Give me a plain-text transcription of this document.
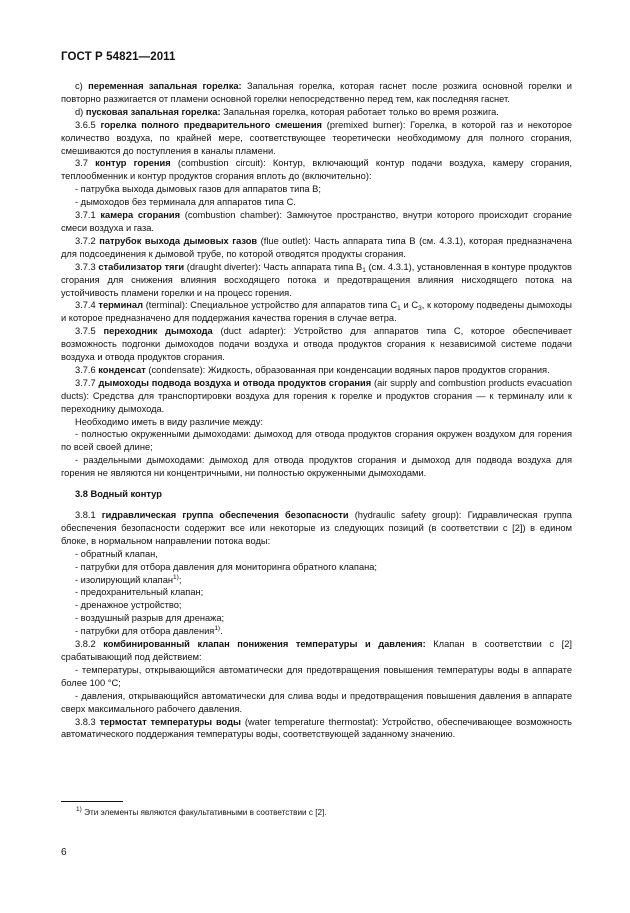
ГОСТ Р 54821—2011

c) переменная запальная горелка: Запальная горелка, которая гаснет после розжига основной горелки и повторно разжигается от пламени основной горелки непосредственно перед тем, как последняя гаснет.

d) пусковая запальная горелка: Запальная горелка, которая работает только во время розжига.

3.6.5 горелка полного предварительного смешения (premixed burner): Горелка, в которой газ и некоторое количество воздуха, по крайней мере, соответствующее теоретически необходимому для полного сгорания, смешиваются до поступления в каналы пламени.

3.7 контур горения (combustion circuit): Контур, включающий контур подачи воздуха, камеру сгорания, теплообменник и контур продуктов сгорания вплоть до (включительно):

- патрубка выхода дымовых газов для аппаратов типа В;

- дымоходов без терминала для аппаратов типа С.

3.7.1 камера сгорания (combustion chamber): Замкнутое пространство, внутри которого происходит сгорание смеси воздуха и газа.

3.7.2 патрубок выхода дымовых газов (flue outlet): Часть аппарата типа В (см. 4.3.1), которая предназначена для подсоединения к дымовой трубе, по которой отводятся продукты сгорания.

3.7.3 стабилизатор тяги (draught diverter): Часть аппарата типа $В_1$ (см. 4.3.1), установленная в контуре продуктов сгорания для снижения влияния восходящего потока и предотвращения влияния нисходящего потока на устойчивость пламени горелки и на процесс горения.

3.7.4 терминал (terminal): Специальное устройство для аппаратов типа $С_1$ и $С_3$, к которому подведены дымоходы и которое предназначено для поддержания качества горения в случае ветра.

3.7.5 переходник дымохода (duct adapter): Устройство для аппаратов типа С, которое обеспечивает возможность подгонки дымоходов подачи воздуха и отвода продуктов сгорания к независимой системе подачи воздуха и отвода продуктов сгорания.

3.7.6 конденсат (condensate): Жидкость, образованная при конденсации водяных паров продуктов сгорания.

3.7.7 дымоходы подвода воздуха и отвода продуктов сгорания (air supply and combustion products evacuation ducts): Средства для транспортировки воздуха для горения к горелке и продуктов сгорания — к терминалу или к переходнику дымохода.

Необходимо иметь в виду различие между:

- полностью окруженными дымоходами: дымоход для отвода продуктов сгорания окружен воздухом для горения по всей своей длине;

- раздельными дымоходами: дымоход для отвода продуктов сгорания и дымоход для подвода воздуха для горения не являются ни концентричными, ни полностью окруженными дымоходами.

3.8 Водный контур

3.8.1 гидравлическая группа обеспечения безопасности (hydraulic safety group): Гидравлическая группа обеспечения безопасности содержит все или некоторые из следующих позиций (в соответствии с [2]) в едином блоке, в нормальном направлении потока воды:

- обратный клапан,

- патрубки для отбора давления для мониторинга обратного клапана;

- изолирующий клапан$^{1)}$;

- предохранительный клапан;

- дренажное устройство;

- воздушный разрыв для дренажа;

- патрубки для отбора давления$^{1)}$.

3.8.2 комбинированный клапан понижения температуры и давления: Клапан в соответствии с [2] срабатывающий под действием:

- температуры, открывающийся автоматически для предотвращения повышения температуры воды в аппарате более 100 °С;

- давления, открывающийся автоматически для слива воды и предотвращения повышения давления в аппарате сверх максимального рабочего давления.

3.8.3 термостат температуры воды (water temperature thermostat): Устройство, обеспечивающее возможность автоматического поддержания температуры воды, соответствующей заданному значению.

$^{1)}$ Эти элементы являются факультативными в соответствии с [2].
6
